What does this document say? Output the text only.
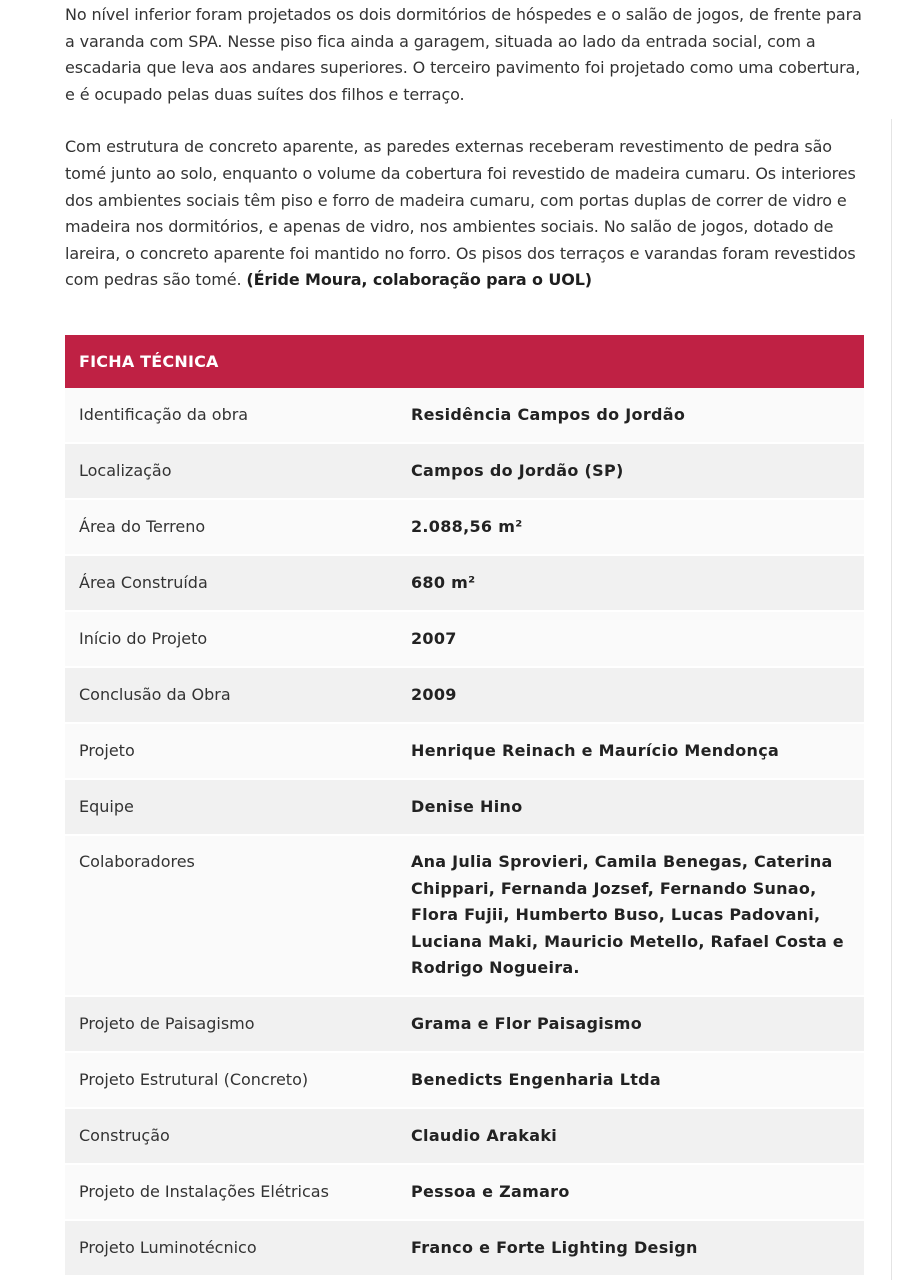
No nível inferior foram projetados os dois dormitórios de hóspedes e o salão de jogos, de frente para a varanda com SPA. Nesse piso fica ainda a garagem, situada ao lado da entrada social, com a escadaria que leva aos andares superiores. O terceiro pavimento foi projetado como uma cobertura, e é ocupado pelas duas suítes dos filhos e terraço.

Com estrutura de concreto aparente, as paredes externas receberam revestimento de pedra são tomé junto ao solo, enquanto o volume da cobertura foi revestido de madeira cumaru. Os interiores dos ambientes sociais têm piso e forro de madeira cumaru, com portas duplas de correr de vidro e madeira nos dormitórios, e apenas de vidro, nos ambientes sociais. No salão de jogos, dotado de lareira, o concreto aparente foi mantido no forro. Os pisos dos terraços e varandas foram revestidos com pedras são tomé. (Éride Moura, colaboração para o UOL)

FICHA TÉCNICA
Identificação da obra	Residência Campos do Jordão
Localização	Campos do Jordão (SP)
Área do Terreno	2.088,56 m²
Área Construída	680 m²
Início do Projeto	2007
Conclusão da Obra	2009
Projeto	Henrique Reinach e Maurício Mendonça
Equipe	Denise Hino
Colaboradores	Ana Julia Sprovieri, Camila Benegas, Caterina Chippari, Fernanda Jozsef, Fernando Sunao, Flora Fujii, Humberto Buso, Lucas Padovani, Luciana Maki, Mauricio Metello, Rafael Costa e Rodrigo Nogueira.
Projeto de Paisagismo	Grama e Flor Paisagismo
Projeto Estrutural (Concreto)	Benedicts Engenharia Ltda
Construção	Claudio Arakaki
Projeto de Instalações Elétricas	Pessoa e Zamaro
Projeto Luminotécnico	Franco e Forte Lighting Design
